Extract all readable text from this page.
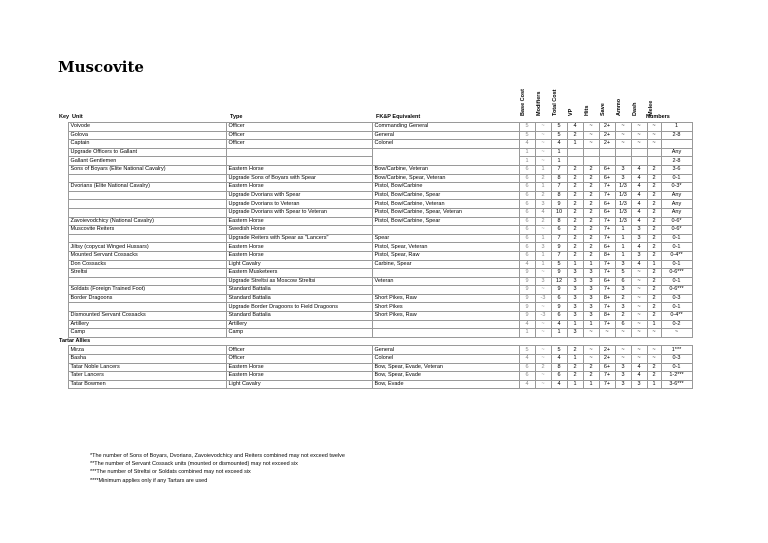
Muscovite
Base Cost	Modifiers	Total Cost	VP	Hits	Save	Ammo	Dash	Melee
Key Unit	Type	FK&P Equivalent	Numbers
	Voivode	Officer	Commanding General	5	~	5	4	~	2+	~	~	~	1
	Golova	Officer	General	5	~	5	2	~	2+	~	~	~	2-8
	Captain	Officer	Colonel	4	~	4	1	~	2+	~	~	~	
	Upgrade Officers to Gallant			1	~	1							Any
	Gallant Gentlemen			1	~	1							2-8
	Sons of Boyars (Elite National Cavalry)	Eastern Horse	Bow/Carbine, Veteran	6	1	7	2	2	6+	3	4	2	3-6
		Upgrade Sons of Boyars with Spear	Bow/Carbine, Spear, Veteran	6	2	8	2	2	6+	3	4	2	0-1
	Dvorians (Elite National Cavalry)	Eastern Horse	Pistol, Bow/Carbine	6	1	7	2	2	7+	1/3	4	2	0-3*
		Upgrade Dvorians with Spear	Pistol, Bow/Carbine, Spear	6	2	8	2	2	7+	1/3	4	2	Any
		Upgrade Dvorians to Veteran	Pistol, Bow/Carbine, Veteran	6	3	9	2	2	6+	1/3	4	2	Any
		Upgrade Dvorians with Spear to Veteran	Pistol, Bow/Carbine, Spear, Veteran	6	4	10	2	2	6+	1/3	4	2	Any
	Zavoievodchicy (National Cavalry)	Eastern Horse	Pistol, Bow/Carbine, Spear	6	2	8	2	2	7+	1/3	4	2	0-6*
	Muscovite Reiters	Swedish Horse		6	~	6	2	2	7+	1	3	2	0-6*
		Upgrade Reiters with Spear as "Lancers"	Spear	6	1	7	2	2	7+	1	3	2	0-1
	Jiltsy (copycat Winged Hussars)	Eastern Horse	Pistol, Spear, Veteran	6	3	9	2	2	6+	1	4	2	0-1
	Mounted Servant Cossacks	Eastern Horse	Pistol, Spear, Raw	6	1	7	2	2	8+	1	3	2	0-4**
	Don Cossacks	Light Cavalry	Carbine, Spear	4	1	5	1	1	7+	3	4	1	0-1
	Streltsi	Eastern Musketeers		9	~	9	3	3	7+	5	~	2	0-6***
		Upgrade Streltsi as Moscow Streltsi	Veteran	9	3	12	3	3	6+	6	~	2	0-1
	Soldats (Foreign Trained Foot)	Standard Battalia		9	~	9	3	3	7+	3	~	2	0-6***
	Border Dragoons	Standard Battalia	Short Pikes, Raw	9	-3	6	3	3	8+	2	~	2	0-3
		Upgrade Border Dragoons to Field Dragoons	Short Pikes	9	~	9	3	3	7+	3	~	2	0-1
	Dismounted Servant Cossacks	Standard Battalia	Short Pikes, Raw	9	-3	6	3	3	8+	2	~	2	0-4**
	Artillery	Artillery		4	~	4	1	1	7+	6	~	1	0-2
	Camp	Camp		1	~	1	3	~	~	~	~	~	~
Tartar Allies													
	Mirza	Officer	General	5	~	5	2	~	2+	~	~	~	1***
	Basha	Officer	Colonel	4	~	4	1	~	2+	~	~	~	0-3
	Tatar Noble Lancers	Eastern Horse	Bow, Spear, Evade, Veteran	6	2	8	2	2	6+	3	4	2	0-1
	Tater Lancers	Eastern Horse	Bow, Spear, Evade	6	~	6	2	2	7+	3	4	2	1-2***
	Tatar Bowmen	Light Cavalry	Bow, Evade	4	~	4	1	1	7+	3	3	1	3-6***
*The number of Sons of Boyars, Dvorians, Zavoievodchicy and Reiters combined may not exceed twelve
**The number of Servant Cossack units (mounted or dismounted) may not exceed six
***The number of Streltsi or Soldats combined may not exceed six
****Minimum applies only if any Tartars are used
